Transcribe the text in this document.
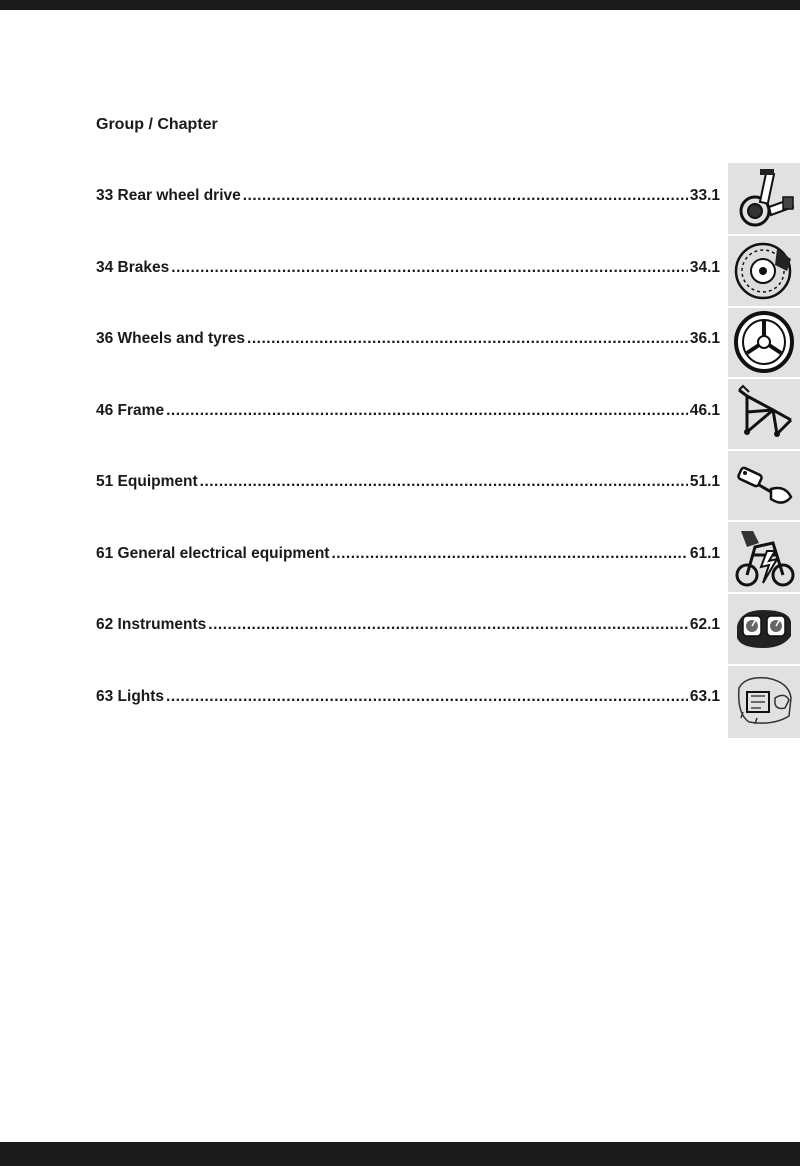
Group / Chapter
33 Rear wheel drive .....	33.1
34 Brakes .....	34.1
36 Wheels and tyres .....	36.1
46 Frame .....	46.1
51 Equipment .....	51.1
61 General electrical equipment .....	61.1
62 Instruments .....	62.1
63 Lights .....	63.1
